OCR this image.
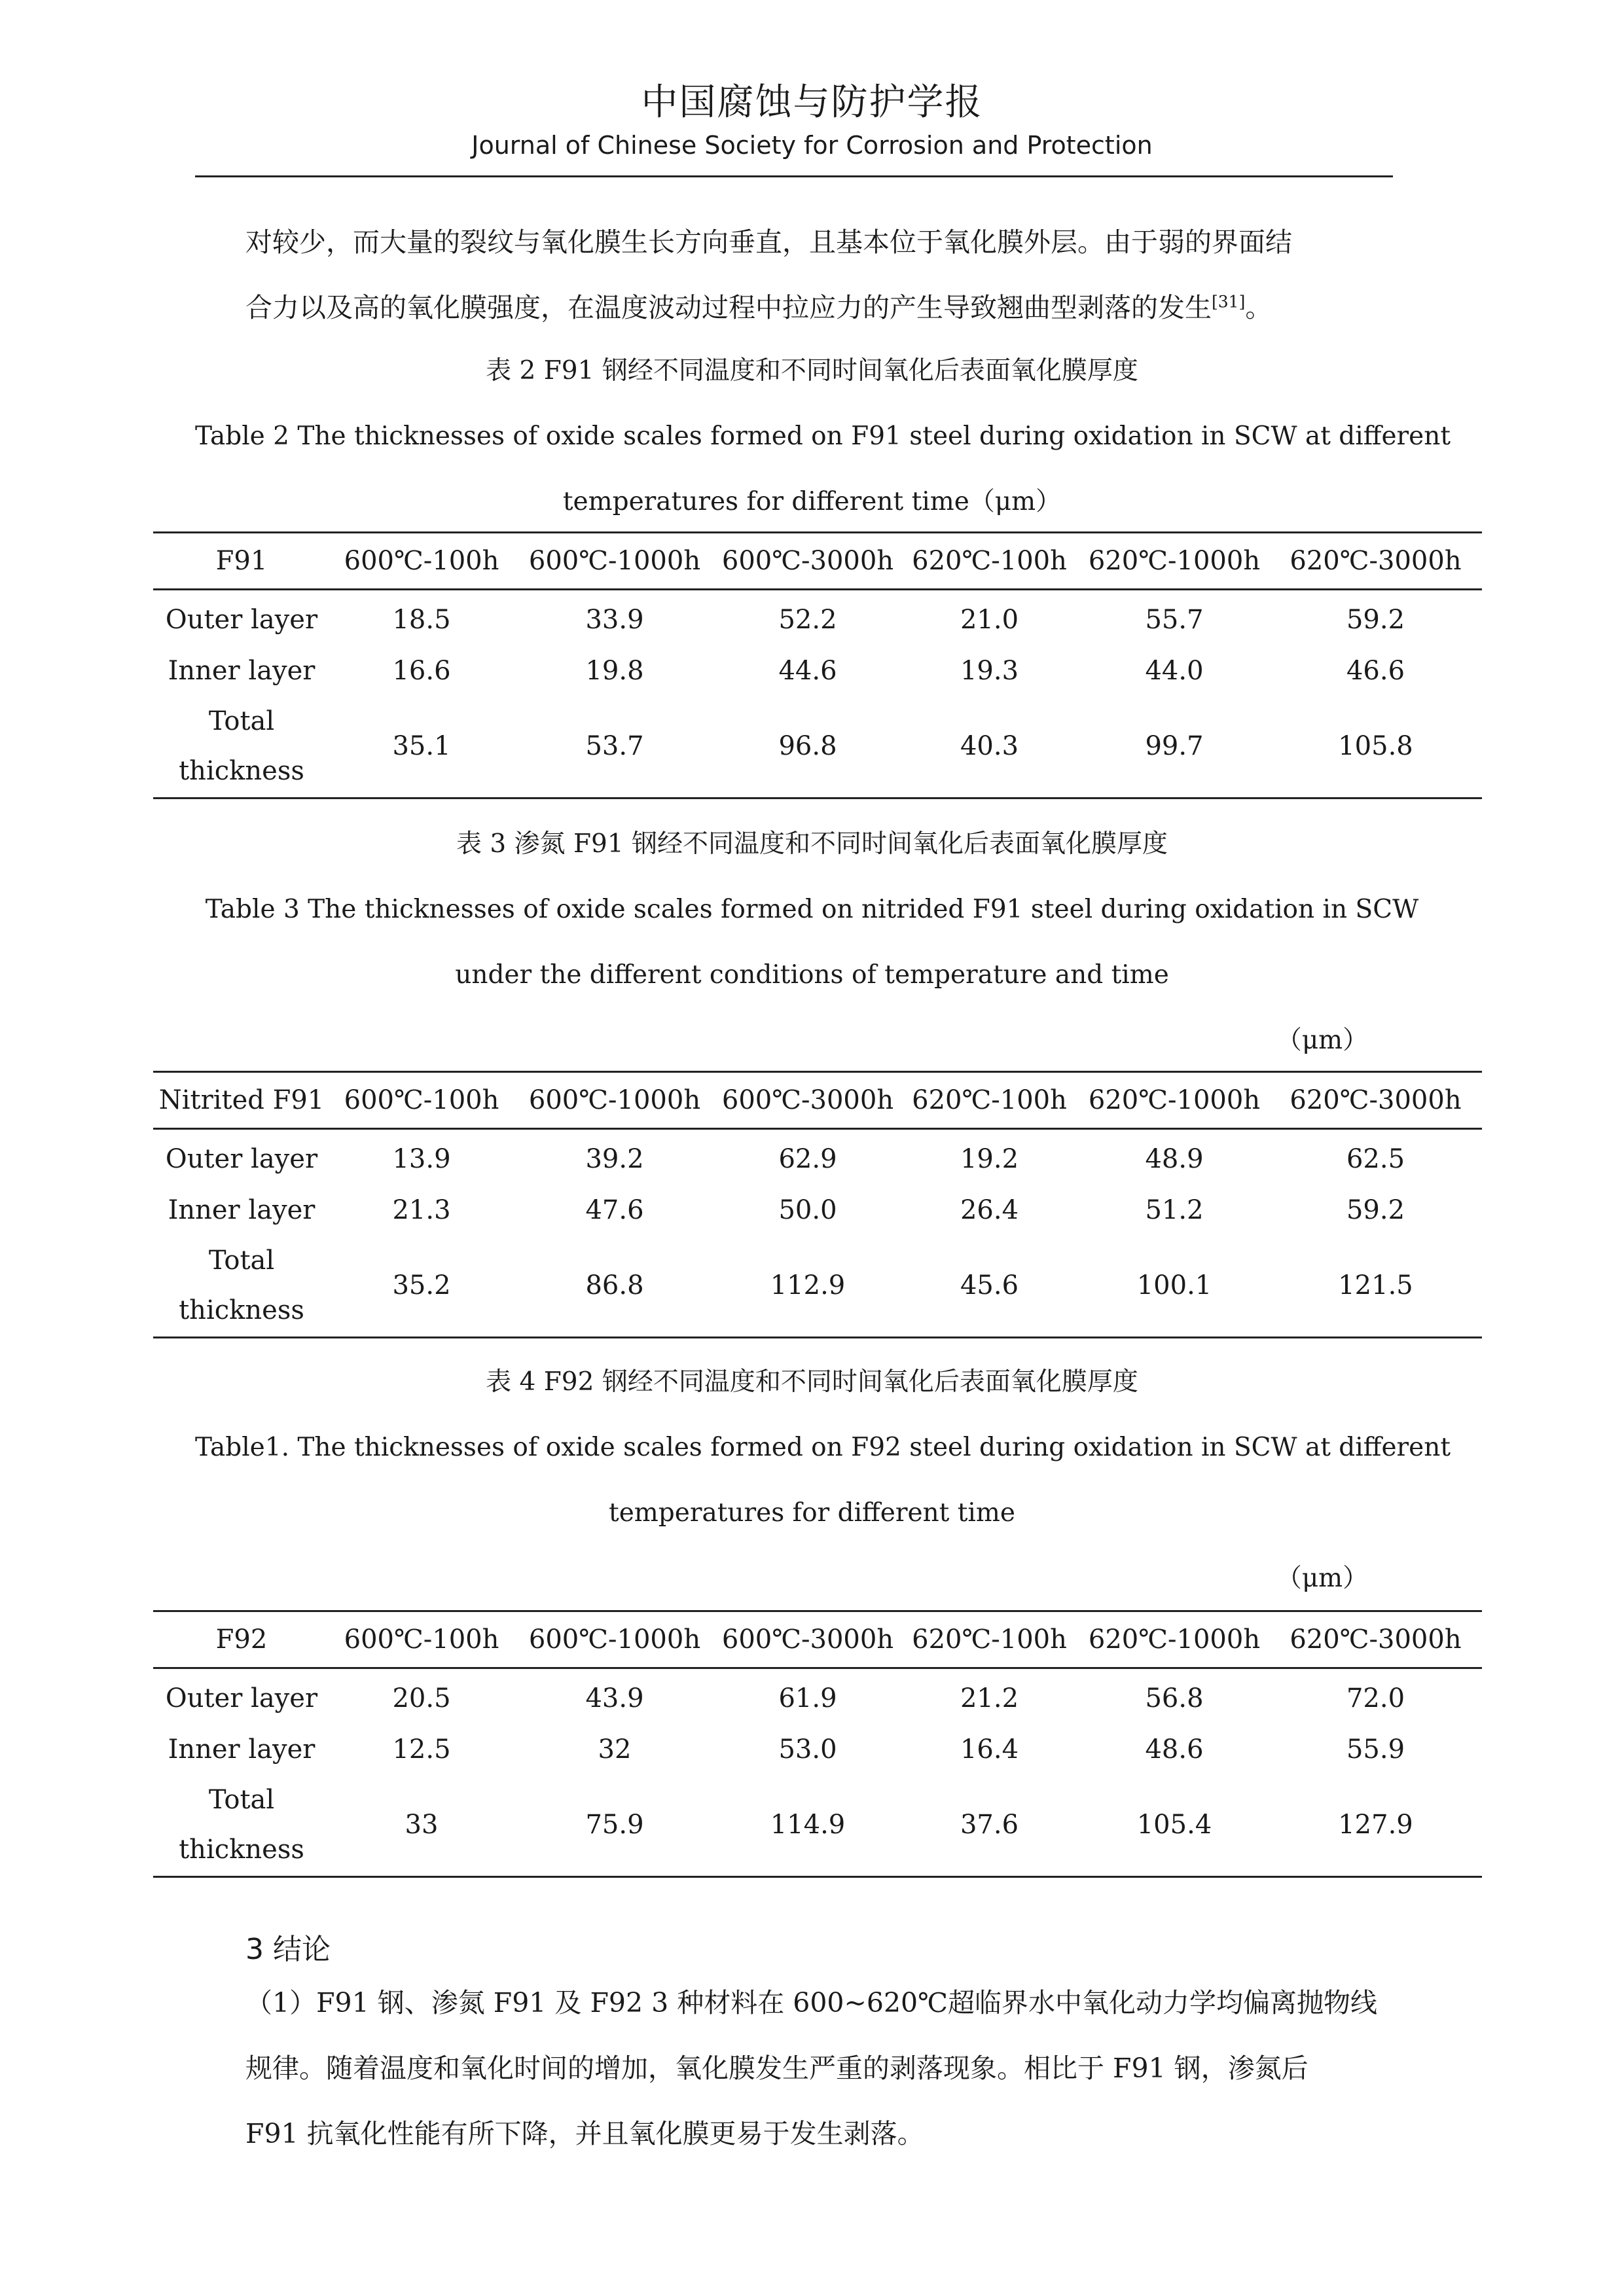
中国腐蚀与防护学报
Journal of Chinese Society for Corrosion and Protection
对较少，而大量的裂纹与氧化膜生长方向垂直，且基本位于氧化膜外层。由于弱的界面结
合力以及高的氧化膜强度，在温度波动过程中拉应力的产生导致翘曲型剥落的发生[31]。
表 2 F91 钢经不同温度和不同时间氧化后表面氧化膜厚度
Table 2 The thicknesses of oxide scales formed on F91 steel during oxidation in SCW at different
temperatures for different time（μm）
F91	600℃-100h	600℃-1000h	600℃-3000h	620℃-100h	620℃-1000h	620℃-3000h
Outer layer	18.5	33.9	52.2	21.0	55.7	59.2
Inner layer	16.6	19.8	44.6	19.3	44.0	46.6

Total
thickness	35.1	53.7	96.8	40.3	99.7	105.8
表 3 渗氮 F91 钢经不同温度和不同时间氧化后表面氧化膜厚度
Table 3 The thicknesses of oxide scales formed on nitrided F91 steel during oxidation in SCW
under the different conditions of temperature and time
（μm）
Nitrited F91	600℃-100h	600℃-1000h	600℃-3000h	620℃-100h	620℃-1000h	620℃-3000h
Outer layer	13.9	39.2	62.9	19.2	48.9	62.5
Inner layer	21.3	47.6	50.0	26.4	51.2	59.2

Total
thickness	35.2	86.8	112.9	45.6	100.1	121.5
表 4 F92 钢经不同温度和不同时间氧化后表面氧化膜厚度
Table1. The thicknesses of oxide scales formed on F92 steel during oxidation in SCW at different
temperatures for different time
（μm）
F92	600℃-100h	600℃-1000h	600℃-3000h	620℃-100h	620℃-1000h	620℃-3000h
Outer layer	20.5	43.9	61.9	21.2	56.8	72.0
Inner layer	12.5	32	53.0	16.4	48.6	55.9

Total
thickness	33	75.9	114.9	37.6	105.4	127.9
3 结论
（1）F91 钢、渗氮 F91 及 F92 3 种材料在 600~620℃超临界水中氧化动力学均偏离抛物线
规律。随着温度和氧化时间的增加，氧化膜发生严重的剥落现象。相比于 F91 钢，渗氮后
F91 抗氧化性能有所下降，并且氧化膜更易于发生剥落。
